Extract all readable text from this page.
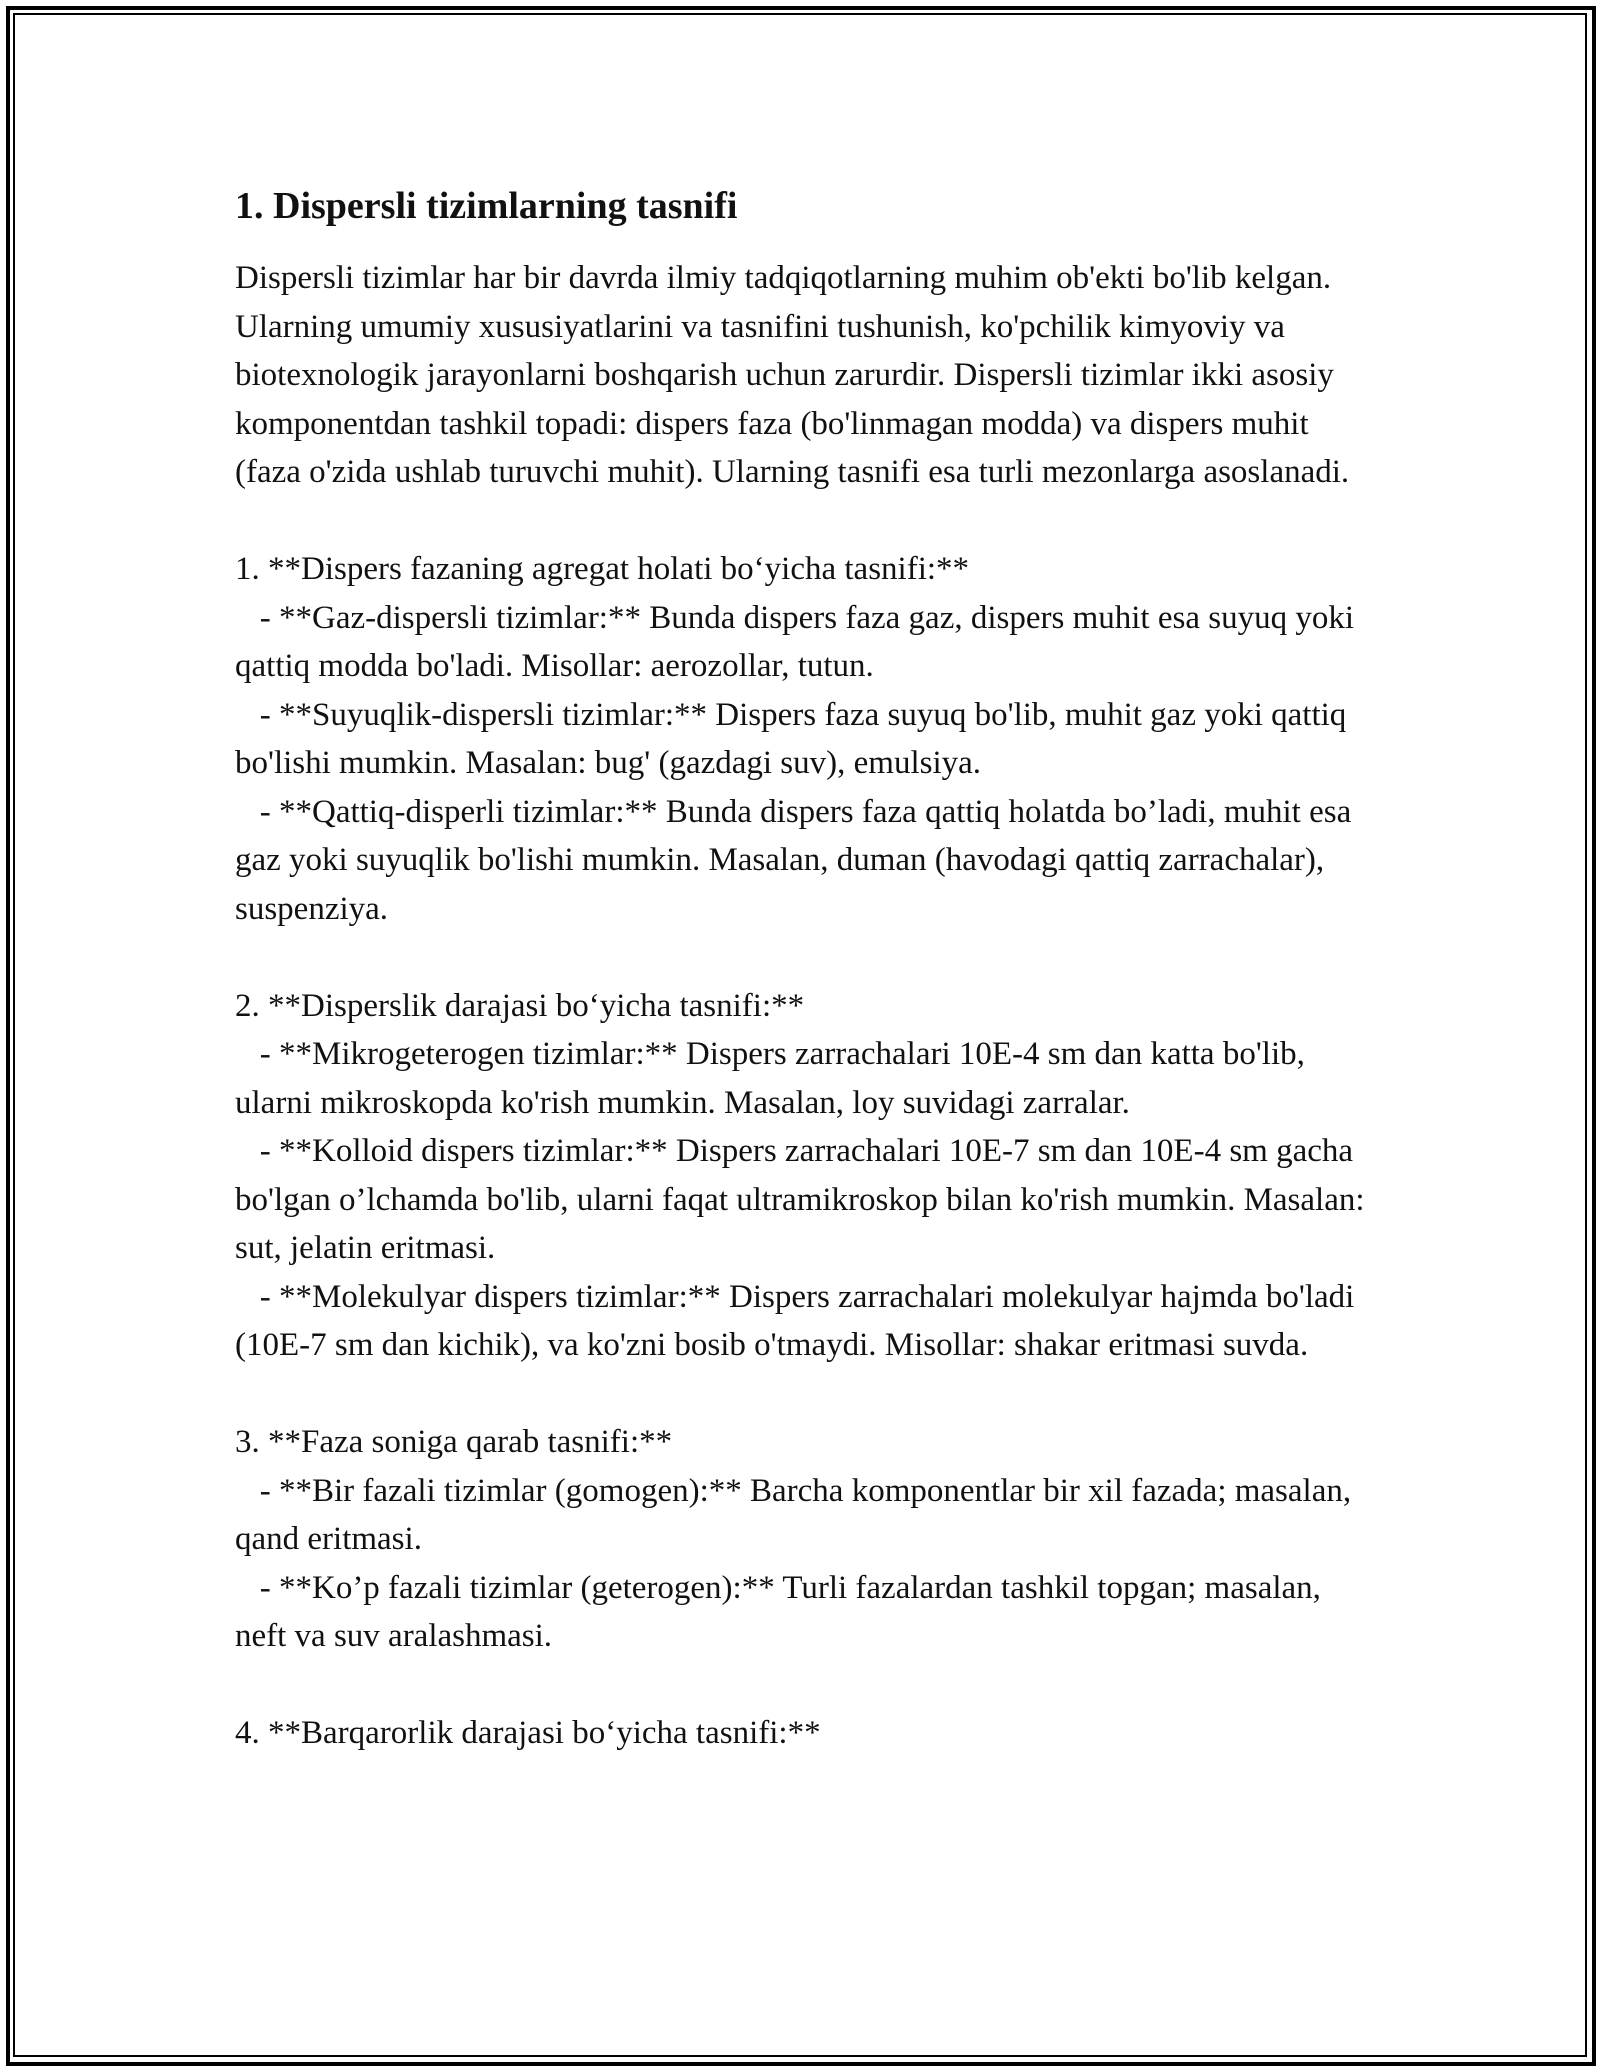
1. Dispersli tizimlarning tasnifi
Dispersli tizimlar har bir davrda ilmiy tadqiqotlarning muhim ob'ekti bo'lib kelgan. Ularning umumiy xususiyatlarini va tasnifini tushunish, ko'pchilik kimyoviy va biotexnologik jarayonlarni boshqarish uchun zarurdir. Dispersli tizimlar ikki asosiy komponentdan tashkil topadi: dispers faza (bo'linmagan modda) va dispers muhit (faza o'zida ushlab turuvchi muhit). Ularning tasnifi esa turli mezonlarga asoslanadi.

1. **Dispers fazaning agregat holati bo‘yicha tasnifi:**
- **Gaz-dispersli tizimlar:** Bunda dispers faza gaz, dispers muhit esa suyuq yoki qattiq modda bo'ladi. Misollar: aerozollar, tutun.
- **Suyuqlik-dispersli tizimlar:** Dispers faza suyuq bo'lib, muhit gaz yoki qattiq bo'lishi mumkin. Masalan: bug' (gazdagi suv), emulsiya.
- **Qattiq-disperli tizimlar:** Bunda dispers faza qattiq holatda bo’ladi, muhit esa gaz yoki suyuqlik bo'lishi mumkin. Masalan, duman (havodagi qattiq zarrachalar), suspenziya.

2. **Disperslik darajasi bo‘yicha tasnifi:**
- **Mikrogeterogen tizimlar:** Dispers zarrachalari 10E-4 sm dan katta bo'lib, ularni mikroskopda ko'rish mumkin. Masalan, loy suvidagi zarralar.
- **Kolloid dispers tizimlar:** Dispers zarrachalari 10E-7 sm dan 10E-4 sm gacha bo'lgan o’lchamda bo'lib, ularni faqat ultramikroskop bilan ko'rish mumkin. Masalan: sut, jelatin eritmasi.
- **Molekulyar dispers tizimlar:** Dispers zarrachalari molekulyar hajmda bo'ladi (10E-7 sm dan kichik), va ko'zni bosib o'tmaydi. Misollar: shakar eritmasi suvda.

3. **Faza soniga qarab tasnifi:**
- **Bir fazali tizimlar (gomogen):** Barcha komponentlar bir xil fazada; masalan, qand eritmasi.
- **Ko’p fazali tizimlar (geterogen):** Turli fazalardan tashkil topgan; masalan, neft va suv aralashmasi.

4. **Barqarorlik darajasi bo‘yicha tasnifi:**
